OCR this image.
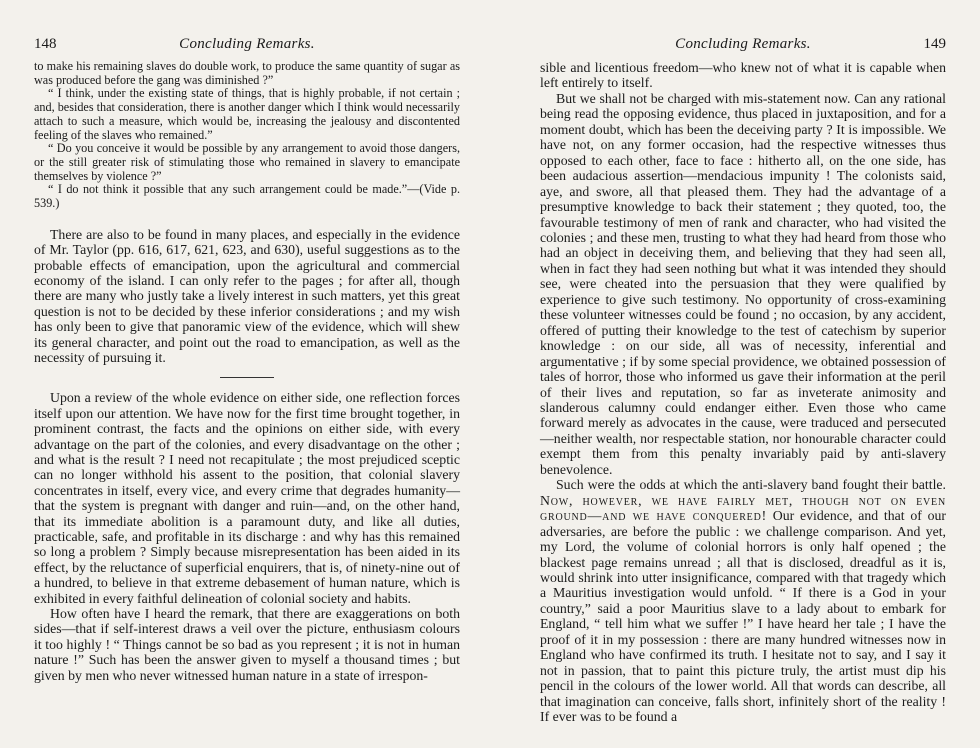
148	Concluding Remarks.

to make his remaining slaves do double work, to produce the same quantity of sugar as was produced before the gang was diminished ?”

“ I think, under the existing state of things, that is highly probable, if not certain ; and, besides that consideration, there is another danger which I think would necessarily attach to such a measure, which would be, increasing the jealousy and discontented feeling of the slaves who remained.”

“ Do you conceive it would be possible by any arrangement to avoid those dangers, or the still greater risk of stimulating those who remained in slavery to emancipate themselves by violence ?”

“ I do not think it possible that any such arrangement could be made.”—(Vide p. 539.)

There are also to be found in many places, and especially in the evidence of Mr. Taylor (pp. 616, 617, 621, 623, and 630), useful suggestions as to the probable effects of emancipation, upon the agricultural and commercial economy of the island. I can only refer to the pages ; for after all, though there are many who justly take a lively interest in such matters, yet this great question is not to be decided by these inferior considerations ; and my wish has only been to give that panoramic view of the evidence, which will shew its general character, and point out the road to emancipation, as well as the necessity of pursuing it.

Upon a review of the whole evidence on either side, one reflection forces itself upon our attention. We have now for the first time brought together, in prominent contrast, the facts and the opinions on either side, with every advantage on the part of the colonies, and every disadvantage on the other ; and what is the result ? I need not recapitulate ; the most prejudiced sceptic can no longer withhold his assent to the position, that colonial slavery concentrates in itself, every vice, and every crime that degrades humanity—that the system is pregnant with danger and ruin—and, on the other hand, that its immediate abolition is a paramount duty, and like all duties, practicable, safe, and profitable in its discharge : and why has this remained so long a problem ? Simply because misrepresentation has been aided in its effect, by the reluctance of superficial enquirers, that is, of ninety-nine out of a hundred, to believe in that extreme debasement of human nature, which is exhibited in every faithful delineation of colonial society and habits.

How often have I heard the remark, that there are exaggerations on both sides—that if self-interest draws a veil over the picture, enthusiasm colours it too highly ! “ Things cannot be so bad as you represent ; it is not in human nature !” Such has been the answer given to myself a thousand times ; but given by men who never witnessed human nature in a state of irrespon-

Concluding Remarks.	149

sible and licentious freedom—who knew not of what it is capable when left entirely to itself.

But we shall not be charged with mis-statement now. Can any rational being read the opposing evidence, thus placed in juxtaposition, and for a moment doubt, which has been the deceiving party ? It is impossible. We have not, on any former occasion, had the respective witnesses thus opposed to each other, face to face : hitherto all, on the one side, has been audacious assertion—mendacious impunity ! The colonists said, aye, and swore, all that pleased them. They had the advantage of a presumptive knowledge to back their statement ; they quoted, too, the favourable testimony of men of rank and character, who had visited the colonies ; and these men, trusting to what they had heard from those who had an object in deceiving them, and believing that they had seen all, when in fact they had seen nothing but what it was intended they should see, were cheated into the persuasion that they were qualified by experience to give such testimony. No opportunity of cross-examining these volunteer witnesses could be found ; no occasion, by any accident, offered of putting their knowledge to the test of catechism by superior knowledge : on our side, all was of necessity, inferential and argumentative ; if by some special providence, we obtained possession of tales of horror, those who informed us gave their information at the peril of their lives and reputation, so far as inveterate animosity and slanderous calumny could endanger either. Even those who came forward merely as advocates in the cause, were traduced and persecuted—neither wealth, nor respectable station, nor honourable character could exempt them from this penalty invariably paid by anti-slavery benevolence.

Such were the odds at which the anti-slavery band fought their battle. Now, however, we have fairly met, though not on even ground—and we have conquered! Our evidence, and that of our adversaries, are before the public : we challenge comparison. And yet, my Lord, the volume of colonial horrors is only half opened ; the blackest page remains unread ; all that is disclosed, dreadful as it is, would shrink into utter insignificance, compared with that tragedy which a Mauritius investigation would unfold. “ If there is a God in your country,” said a poor Mauritius slave to a lady about to embark for England, “ tell him what we suffer !” I have heard her tale ; I have the proof of it in my possession : there are many hundred witnesses now in England who have confirmed its truth. I hesitate not to say, and I say it not in passion, that to paint this picture truly, the artist must dip his pencil in the colours of the lower world. All that words can describe, all that imagination can conceive, falls short, infinitely short of the reality ! If ever was to be found a
